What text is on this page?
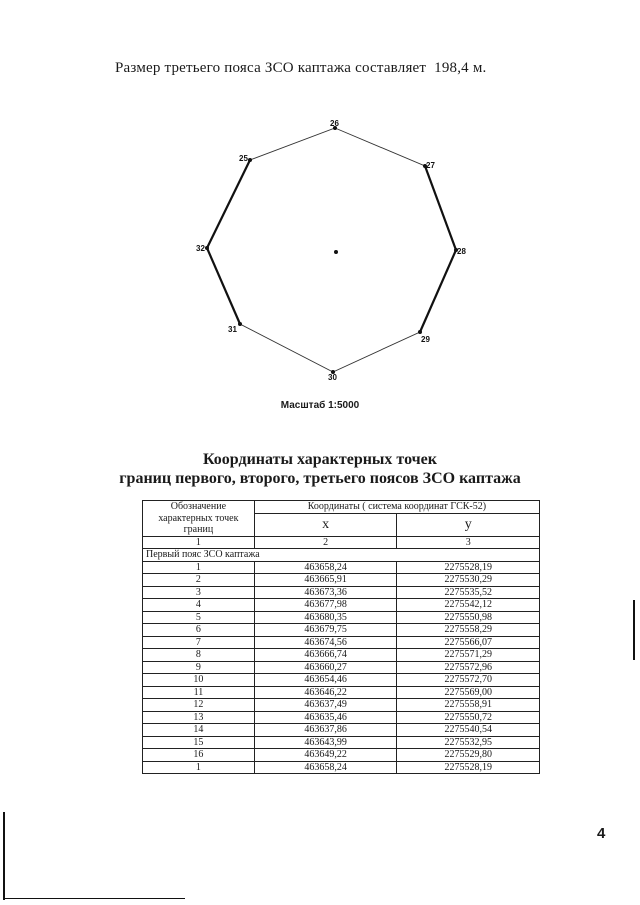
Размер третьего пояса ЗСО каптажа составляет 198,4 м.

26
27
28
29
30
31
32
25
Масштаб 1:5000
Координаты характерных точек
границ первого, второго, третьего поясов ЗСО каптажа
Обозначение характерных точек границ	Координаты ( система координат ГСК-52)	
	x	y
1	2	3
Первый пояс ЗСО каптажа		
1	463658,24	2275528,19
2	463665,91	2275530,29
3	463673,36	2275535,52
4	463677,98	2275542,12
5	463680,35	2275550,98
6	463679,75	2275558,29
7	463674,56	2275566,07
8	463666,74	2275571,29
9	463660,27	2275572,96
10	463654,46	2275572,70
11	463646,22	2275569,00
12	463637,49	2275558,91
13	463635,46	2275550,72
14	463637,86	2275540,54
15	463643,99	2275532,95
16	463649,22	2275529,80
1	463658,24	2275528,19
4
